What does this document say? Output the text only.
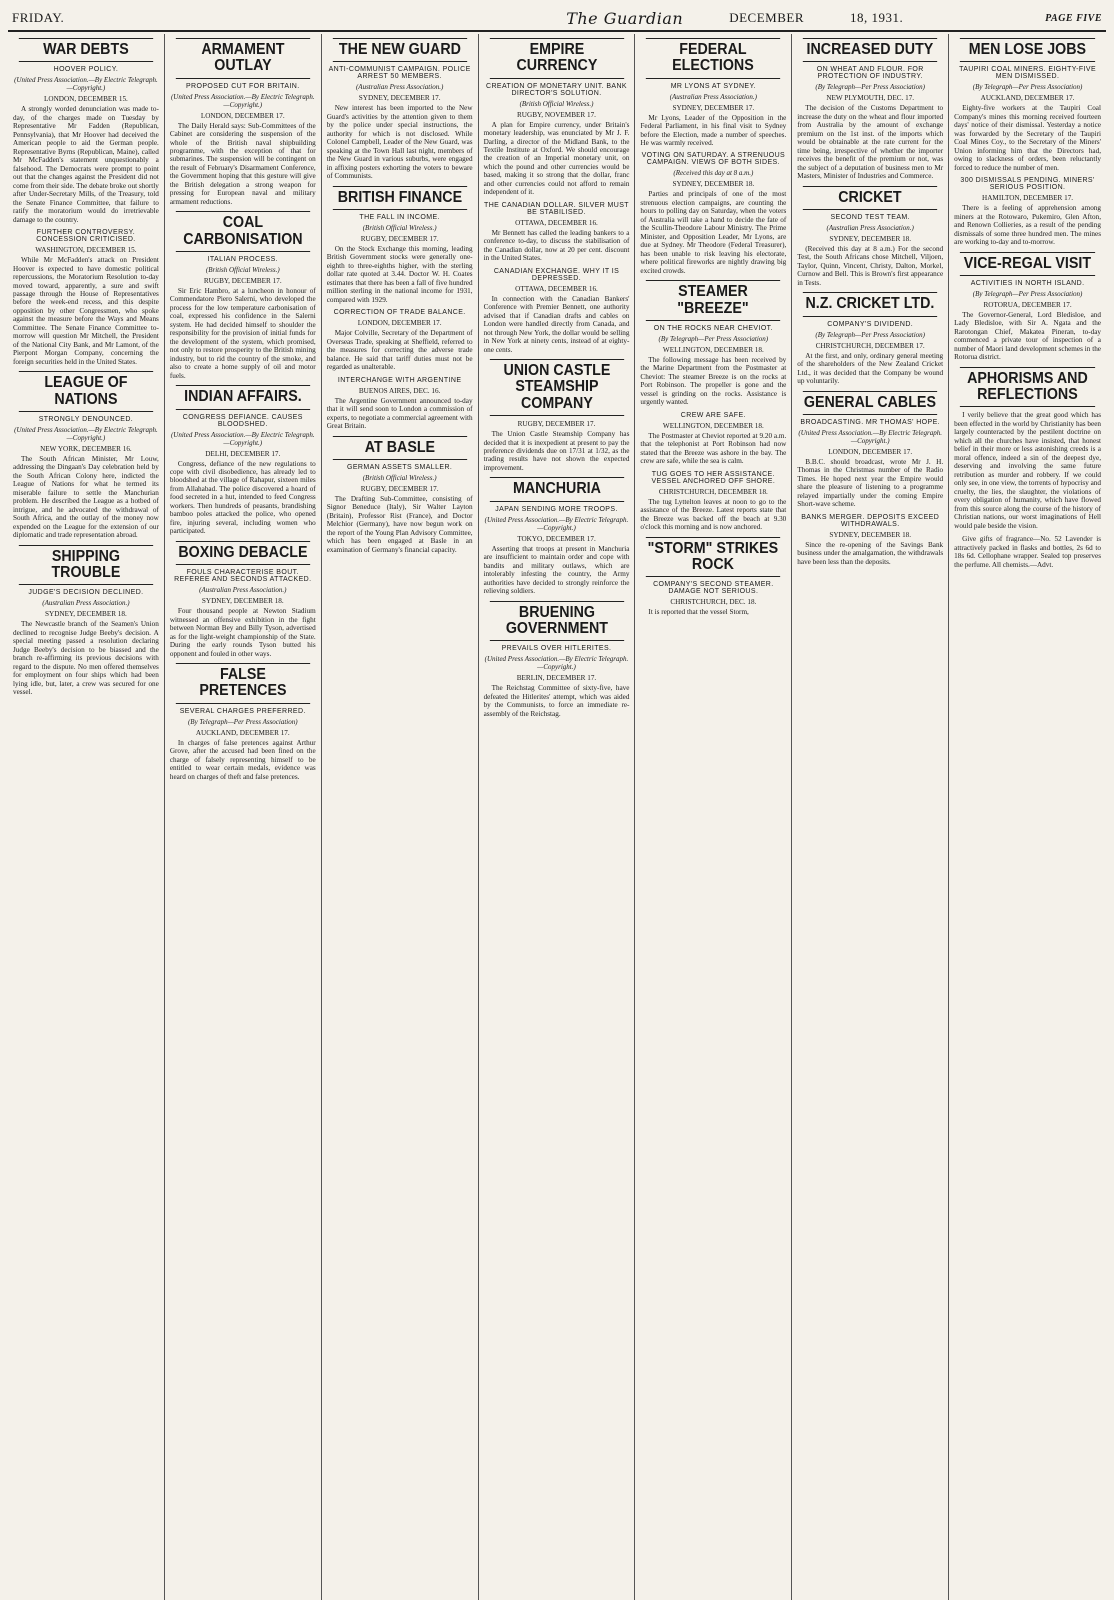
FRIDAY.	The Guardian	DECEMBER	18, 1931.	PAGE FIVE
WAR DEBTS
HOOVER POLICY.
(United Press Association.—By Electric Telegraph.—Copyright.)
LONDON, DECEMBER 15.
A strongly worded denunciation was made to-day, of the charges made on Tuesday by Representative Mr Fadden (Republican, Pennsylvania), that Mr Hoover had deceived the American people to aid the German people. Representative Byrns (Republican, Maine), called Mr McFadden's statement unquestionably a falsehood. The Democrats were prompt to point out that the changes against the President did not come from their side. The debate broke out shortly after Under-Secretary Mills, of the Treasury, told the Senate Finance Committee, that failure to ratify the moratorium would do irretrievable damage to the country.
FURTHER CONTROVERSY. CONCESSION CRITICISED.
WASHINGTON, DECEMBER 15.
While Mr McFadden's attack on President Hoover is expected to have domestic political repercussions, the Moratorium Resolution to-day moved toward, apparently, a sure and swift passage through the House of Representatives before the week-end recess, and this despite opposition by other Congressmen, who spoke against the measure before the Ways and Means Committee. The Senate Finance Committee to-morrow will question Mr Mitchell, the President of the National City Bank, and Mr Lamont, of the Pierpont Morgan Company, concerning the foreign securities held in the United States.
LEAGUE OF NATIONS
STRONGLY DENOUNCED.
(United Press Association.—By Electric Telegraph.—Copyright.)
NEW YORK, DECEMBER 16.
The South African Minister, Mr Louw, addressing the Dingaan's Day celebration held by the South African Colony here, indicted the League of Nations for what he termed its miserable failure to settle the Manchurian problem. He described the League as a hotbed of intrigue, and he advocated the withdrawal of South Africa, and the outlay of the money now expended on the League for the extension of our diplomatic and trade representation abroad.
SHIPPING TROUBLE
JUDGE'S DECISION DECLINED.
(Australian Press Association.)
SYDNEY, DECEMBER 18.
The Newcastle branch of the Seamen's Union declined to recognise Judge Beeby's decision. A special meeting passed a resolution declaring Judge Beeby's decision to be biassed and the branch re-affirming its previous decisions with regard to the dispute. No men offered themselves for employment on four ships which had been lying idle, but, later, a crew was secured for one vessel.
ARMAMENT OUTLAY
PROPOSED CUT FOR BRITAIN.
(United Press Association.—By Electric Telegraph.—Copyright.)
LONDON, DECEMBER 17.
The Daily Herald says: Sub-Committees of the Cabinet are considering the suspension of the whole of the British naval shipbuilding programme, with the exception of that for submarines. The suspension will be contingent on the result of February's Disarmament Conference, the Government hoping that this gesture will give the British delegation a strong weapon for pressing for European naval and military armament reductions.
COAL CARBONISATION
ITALIAN PROCESS.
(British Official Wireless.)
RUGBY, DECEMBER 17.
Sir Eric Hambro, at a luncheon in honour of Commendatore Piero Salerni, who developed the process for the low temperature carbonisation of coal, expressed his confidence in the Salerni system. He had decided himself to shoulder the responsibility for the provision of initial funds for the development of the system, which promised, not only to restore prosperity to the British mining industry, but to rid the country of the smoke, and also to create a home supply of oil and motor fuels.
INDIAN AFFAIRS.
CONGRESS DEFIANCE. CAUSES BLOODSHED.
(United Press Association.—By Electric Telegraph.—Copyright.)
DELHI, DECEMBER 17.
Congress, defiance of the new regulations to cope with civil disobedience, has already led to bloodshed at the village of Rahapur, sixteen miles from Allahabad. The police discovered a hoard of food secreted in a hut, intended to feed Congress workers. Then hundreds of peasants, brandishing bamboo poles attacked the police, who opened fire, injuring several, including women who participated.
BOXING DEBACLE
FOULS CHARACTERISE BOUT. REFEREE AND SECONDS ATTACKED.
(Australian Press Association.)
SYDNEY, DECEMBER 18.
Four thousand people at Newton Stadium witnessed an offensive exhibition in the fight between Norman Bey and Billy Tyson, advertised as for the light-weight championship of the State. During the early rounds Tyson butted his opponent and fouled in other ways.
FALSE PRETENCES
SEVERAL CHARGES PREFERRED.
(By Telegraph—Per Press Association)
AUCKLAND, DECEMBER 17.
In charges of false pretences against Arthur Grove, after the accused had been fined on the charge of falsely representing himself to be entitled to wear certain medals, evidence was heard on charges of theft and false pretences.
THE NEW GUARD
ANTI-COMMUNIST CAMPAIGN. POLICE ARREST 50 MEMBERS.
(Australian Press Association.)
SYDNEY, DECEMBER 17.
New interest has been imported to the New Guard's activities by the attention given to them by the police under special instructions, the authority for which is not disclosed. While Colonel Campbell, Leader of the New Guard, was speaking at the Town Hall last night, members of the New Guard in various suburbs, were engaged in affixing posters exhorting the voters to beware of Communists.
BRITISH FINANCE
THE FALL IN INCOME.
(British Official Wireless.)
RUGBY, DECEMBER 17.
On the Stock Exchange this morning, leading British Government stocks were generally one-eighth to three-eighths higher, with the sterling dollar rate quoted at 3.44. Doctor W. H. Coates estimates that there has been a fall of five hundred million sterling in the national income for 1931, compared with 1929.
CORRECTION OF TRADE BALANCE.
LONDON, DECEMBER 17.
Major Colville, Secretary of the Department of Overseas Trade, speaking at Sheffield, referred to the measures for correcting the adverse trade balance. He said that tariff duties must not be regarded as unalterable.
INTERCHANGE WITH ARGENTINE
BUENOS AIRES, DEC. 16.
The Argentine Government announced to-day that it will send soon to London a commission of experts, to negotiate a commercial agreement with Great Britain.
AT BASLE
GERMAN ASSETS SMALLER.
(British Official Wireless.)
RUGBY, DECEMBER 17.
The Drafting Sub-Committee, consisting of Signor Beneduce (Italy), Sir Walter Layton (Britain), Professor Rist (France), and Doctor Melchior (Germany), have now begun work on the report of the Young Plan Advisory Committee, which has been engaged at Basle in an examination of Germany's financial capacity.
EMPIRE CURRENCY
CREATION OF MONETARY UNIT. BANK DIRECTOR'S SOLUTION.
(British Official Wireless.)
RUGBY, NOVEMBER 17.
A plan for Empire currency, under Britain's monetary leadership, was enunciated by Mr J. F. Darling, a director of the Midland Bank, to the Textile Institute at Oxford. We should encourage the creation of an Imperial monetary unit, on which the pound and other currencies would be based, making it so strong that the dollar, franc and other currencies could not afford to remain independent of it.
THE CANADIAN DOLLAR. SILVER MUST BE STABILISED.
OTTAWA, DECEMBER 16.
Mr Bennett has called the leading bankers to a conference to-day, to discuss the stabilisation of the Canadian dollar, now at 20 per cent. discount in the United States.
CANADIAN EXCHANGE. WHY IT IS DEPRESSED.
OTTAWA, DECEMBER 16.
In connection with the Canadian Bankers' Conference with Premier Bennett, one authority advised that if Canadian drafts and cables on London were handled directly from Canada, and not through New York, the dollar would be selling in New York at ninety cents, instead of at eighty-one cents.
UNION CASTLE STEAMSHIP COMPANY
RUGBY, DECEMBER 17.
The Union Castle Steamship Company has decided that it is inexpedient at present to pay the preference dividends due on 17/31 at 1/32, as the trading results have not shown the expected improvement.
MANCHURIA
JAPAN SENDING MORE TROOPS.
(United Press Association.—By Electric Telegraph.—Copyright.)
TOKYO, DECEMBER 17.
Asserting that troops at present in Manchuria are insufficient to maintain order and cope with bandits and military outlaws, which are intolerably infesting the country, the Army authorities have decided to strongly reinforce the relieving soldiers.
BRUENING GOVERNMENT
PREVAILS OVER HITLERITES.
(United Press Association.—By Electric Telegraph.—Copyright.)
BERLIN, DECEMBER 17.
The Reichstag Committee of sixty-five, have defeated the Hitlerites' attempt, which was aided by the Communists, to force an immediate re-assembly of the Reichstag.
FEDERAL ELECTIONS
MR LYONS AT SYDNEY.
(Australian Press Association.)
SYDNEY, DECEMBER 17.
Mr Lyons, Leader of the Opposition in the Federal Parliament, in his final visit to Sydney before the Election, made a number of speeches. He was warmly received.
VOTING ON SATURDAY. A STRENUOUS CAMPAIGN. VIEWS OF BOTH SIDES.
(Received this day at 8 a.m.)
SYDNEY, DECEMBER 18.
Parties and principals of one of the most strenuous election campaigns, are counting the hours to polling day on Saturday, when the voters of Australia will take a hand to decide the fate of the Scullin-Theodore Labour Ministry. The Prime Minister, and Opposition Leader, Mr Lyons, are due at Sydney. Mr Theodore (Federal Treasurer), has been unable to risk leaving his electorate, where political fireworks are nightly drawing big excited crowds.
STEAMER "BREEZE"
ON THE ROCKS NEAR CHEVIOT.
(By Telegraph—Per Press Association)
WELLINGTON, DECEMBER 18.
The following message has been received by the Marine Department from the Postmaster at Cheviot: The steamer Breeze is on the rocks at Port Robinson. The propeller is gone and the vessel is grinding on the rocks. Assistance is urgently wanted.
CREW ARE SAFE.
WELLINGTON, DECEMBER 18.
The Postmaster at Cheviot reported at 9.20 a.m. that the telephonist at Port Robinson had now stated that the Breeze was ashore in the bay. The crew are safe, while the sea is calm.
TUG GOES TO HER ASSISTANCE. VESSEL ANCHORED OFF SHORE.
CHRISTCHURCH, DECEMBER 18.
The tug Lyttelton leaves at noon to go to the assistance of the Breeze. Latest reports state that the Breeze was backed off the beach at 9.30 o'clock this morning and is now anchored.
"STORM" STRIKES ROCK
COMPANY'S SECOND STEAMER. DAMAGE NOT SERIOUS.
CHRISTCHURCH, DEC. 18.
It is reported that the vessel Storm,
INCREASED DUTY
ON WHEAT AND FLOUR. FOR PROTECTION OF INDUSTRY.
(By Telegraph—Per Press Association)
NEW PLYMOUTH, DEC. 17.
The decision of the Customs Department to increase the duty on the wheat and flour imported from Australia by the amount of exchange premium on the 1st inst. of the imports which would be obtainable at the rate current for the time being, irrespective of whether the importer receives the benefit of the premium or not, was the subject of a deputation of business men to Mr Masters, Minister of Industries and Commerce.
CRICKET
SECOND TEST TEAM.
(Australian Press Association.)
SYDNEY, DECEMBER 18.
(Received this day at 8 a.m.) For the second Test, the South Africans chose Mitchell, Viljoen, Taylor, Quinn, Vincent, Christy, Dalton, Morkel, Curnow and Bell. This is Brown's first appearance in Tests.
N.Z. CRICKET LTD.
COMPANY'S DIVIDEND.
(By Telegraph—Per Press Association)
CHRISTCHURCH, DECEMBER 17.
At the first, and only, ordinary general meeting of the shareholders of the New Zealand Cricket Ltd., it was decided that the Company be wound up voluntarily.
GENERAL CABLES
BROADCASTING. MR THOMAS' HOPE.
(United Press Association.—By Electric Telegraph.—Copyright.)
LONDON, DECEMBER 17.
B.B.C. should broadcast, wrote Mr J. H. Thomas in the Christmas number of the Radio Times. He hoped next year the Empire would share the pleasure of listening to a programme relayed impartially under the coming Empire Short-wave scheme.
BANKS MERGER. DEPOSITS EXCEED WITHDRAWALS.
SYDNEY, DECEMBER 18.
Since the re-opening of the Savings Bank business under the amalgamation, the withdrawals have been less than the deposits.
MEN LOSE JOBS
TAUPIRI COAL MINERS. EIGHTY-FIVE MEN DISMISSED.
(By Telegraph—Per Press Association)
AUCKLAND, DECEMBER 17.
Eighty-five workers at the Taupiri Coal Company's mines this morning received fourteen days' notice of their dismissal. Yesterday a notice was forwarded by the Secretary of the Taupiri Coal Mines Coy., to the Secretary of the Miners' Union informing him that the Directors had, owing to slackness of orders, been reluctantly forced to reduce the number of men.
300 DISMISSALS PENDING. MINERS' SERIOUS POSITION.
HAMILTON, DECEMBER 17.
There is a feeling of apprehension among miners at the Rotowaro, Pukemiro, Glen Afton, and Renown Collieries, as a result of the pending dismissals of some three hundred men. The mines are working to-day and to-morrow.
VICE-REGAL VISIT
ACTIVITIES IN NORTH ISLAND.
(By Telegraph—Per Press Association)
ROTORUA, DECEMBER 17.
The Governor-General, Lord Bledisloe, and Lady Bledisloe, with Sir A. Ngata and the Rarotongan Chief, Makatea Pineran, to-day commenced a private tour of inspection of a number of Maori land development schemes in the Rotorua district.
APHORISMS AND REFLECTIONS
I verily believe that the great good which has been effected in the world by Christianity has been largely counteracted by the pestilent doctrine on which all the churches have insisted, that honest belief in their more or less astonishing creeds is a moral offence, indeed a sin of the deepest dye, deserving and involving the same future retribution as murder and robbery. If we could only see, in one view, the torrents of hypocrisy and cruelty, the lies, the slaughter, the violations of every obligation of humanity, which have flowed from this source along the course of the history of Christian nations, our worst imaginations of Hell would pale beside the vision.
Give gifts of fragrance—No. 52 Lavender is attractively packed in flasks and bottles, 2s 6d to 18s 6d. Cellophane wrapper. Sealed top preserves the perfume. All chemists.—Advt.
